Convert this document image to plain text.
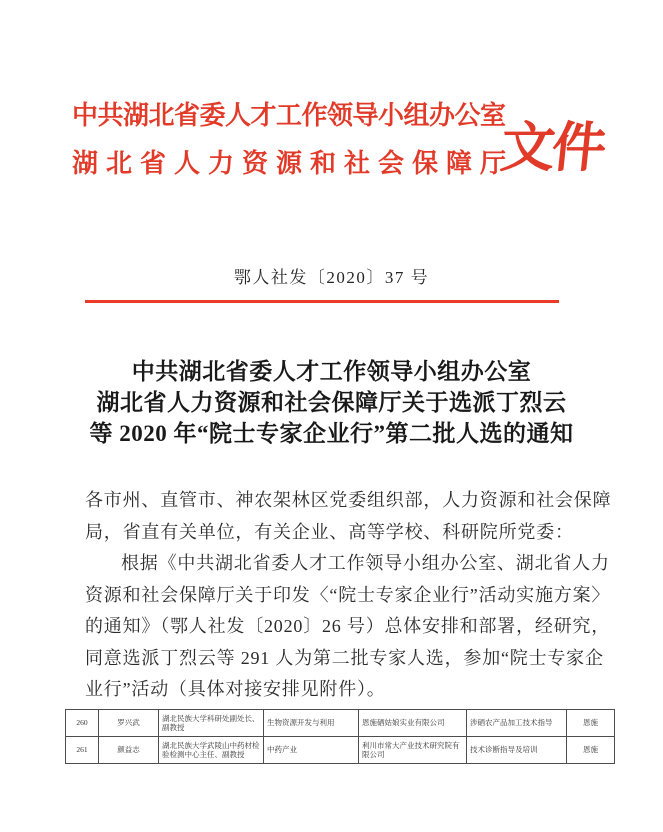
中共湖北省委人才工作领导小组办公室
湖北省人力资源和社会保障厅
文件
鄂人社发〔2020〕37 号
中共湖北省委人才工作领导小组办公室
湖北省人力资源和社会保障厅关于选派丁烈云
等 2020 年“院士专家企业行”第二批人选的通知
各市州、直管市、神农架林区党委组织部，人力资源和社会保障
局，省直有关单位，有关企业、高等学校、科研院所党委：
根据《中共湖北省委人才工作领导小组办公室、湖北省人力
资源和社会保障厅关于印发〈“院士专家企业行”活动实施方案〉
的通知》（鄂人社发〔2020〕26 号）总体安排和部署，经研究，
同意选派丁烈云等 291 人为第二批专家人选，参加“院士专家企
业行”活动（具体对接安排见附件）。
260	罗兴武	湖北民族大学科研处副处长、副教授	生物资源开发与利用	恩施硒姑娘实业有限公司	涉硒农产品加工技术指导	恩施
261	颜益志	湖北民族大学武陵山中药材检验检测中心主任、副教授	中药产业	利川市常大产业技术研究院有限公司	技术诊断指导及培训	恩施
